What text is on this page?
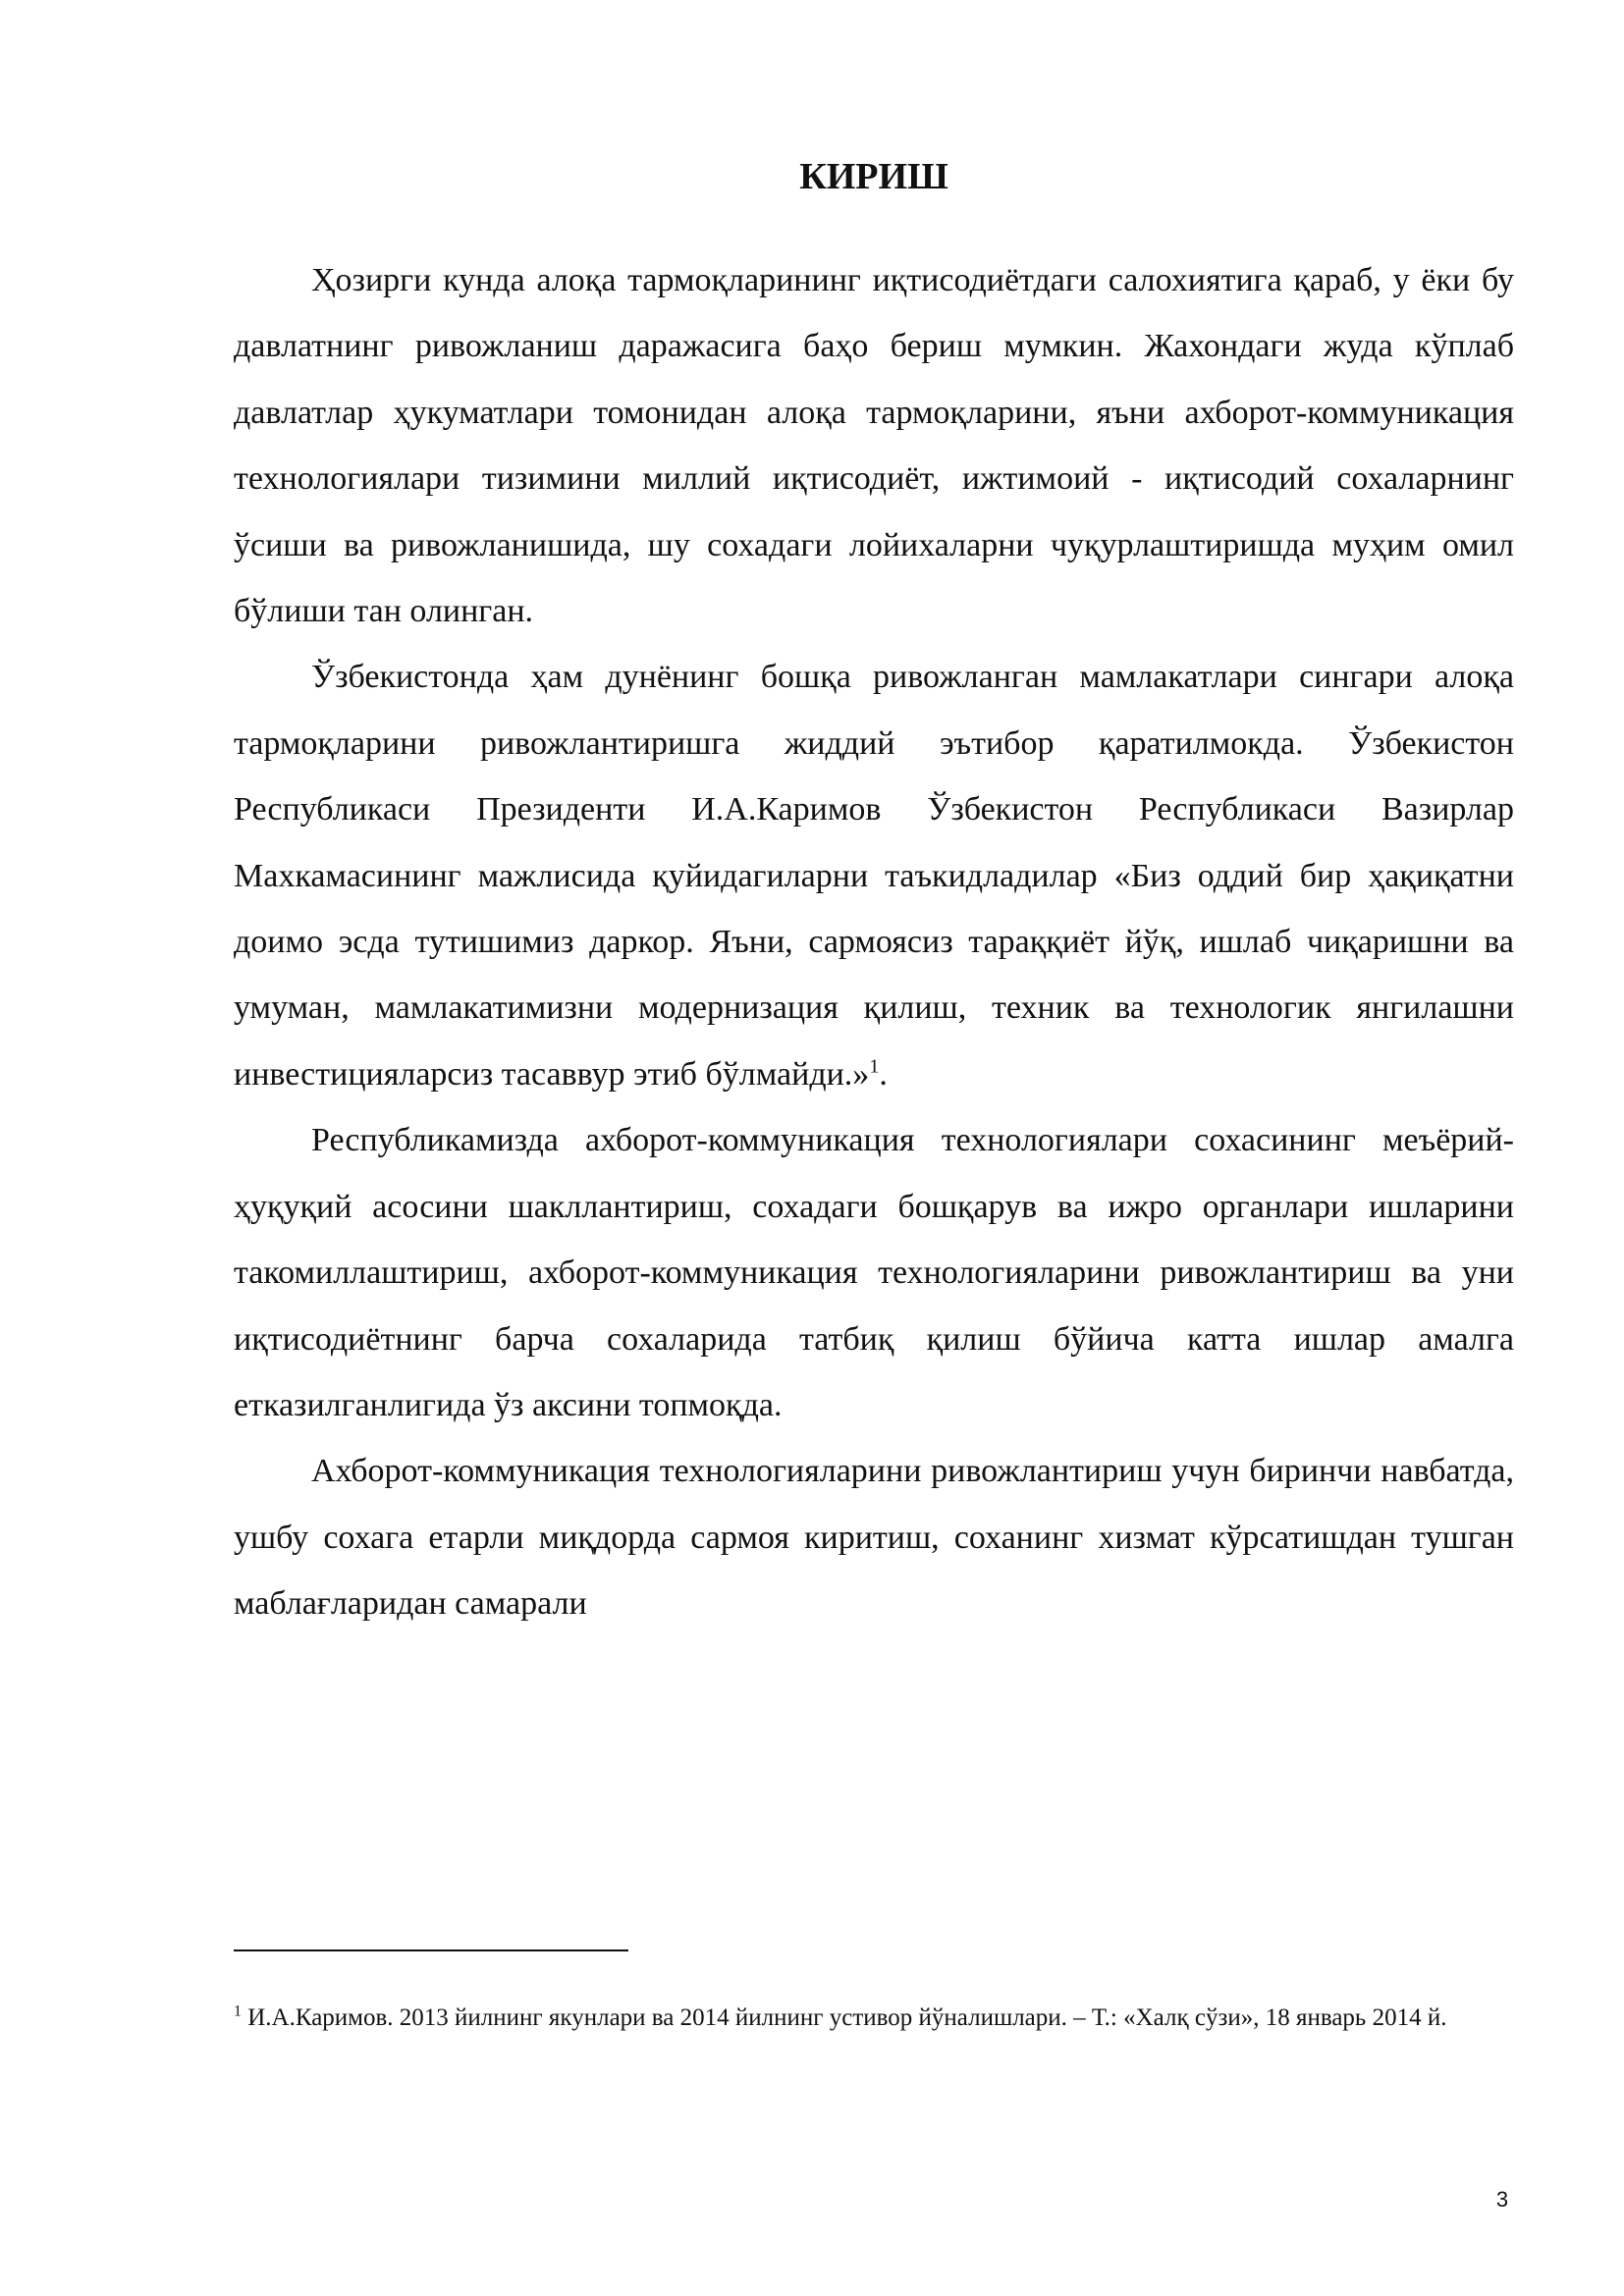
КИРИШ

Ҳозирги кунда алоқа тармоқларининг иқтисодиётдаги салохиятига қараб, у ёки бу давлатнинг ривожланиш даражасига баҳо бериш мумкин. Жахондаги жуда кўплаб давлатлар ҳукуматлари томонидан алоқа тармоқларини, яъни ахборот-коммуникация технологиялари тизимини миллий иқтисодиёт, ижтимоий - иқтисодий сохаларнинг ўсиши ва ривожланишида, шу сохадаги лойихаларни чуқурлаштиришда муҳим омил бўлиши тан олинган.

Ўзбекистонда ҳам дунёнинг бошқа ривожланган мамлакатлари сингари алоқа тармоқларини ривожлантиришга жиддий эътибор қаратилмокда. Ўзбекистон Республикаси Президенти И.А.Каримов Ўзбекистон Республикаси Вазирлар Махкамасининг мажлисида қуйидагиларни таъкидладилар «Биз оддий бир ҳақиқатни доимо эсда тутишимиз даркор. Яъни, сармоясиз тараққиёт йўқ, ишлаб чиқаришни ва умуман, мамлакатимизни модернизация қилиш, техник ва технологик янгилашни инвестицияларсиз тасаввур этиб бўлмайди.»$^1$.

Республикамизда ахборот-коммуникация технологиялари сохасининг меъёрий-ҳуқуқий асосини шакллантириш, сохадаги бошқарув ва ижро органлари ишларини такомиллаштириш, ахборот-коммуникация технологияларини ривожлантириш ва уни иқтисодиётнинг барча сохаларида татбиқ қилиш бўйича катта ишлар амалга етказилганлигида ўз аксини топмоқда.

Ахборот-коммуникация технологияларини ривожлантириш учун биринчи навбатда, ушбу сохага етарли миқдорда сармоя киритиш, соханинг хизмат кўрсатишдан тушган маблағларидан самарали

$^1$ И.А.Каримов. 2013 йилнинг якунлари ва 2014 йилнинг устивор йўналишлари. – Т.: «Халқ сўзи», 18 январь 2014 й.

3
